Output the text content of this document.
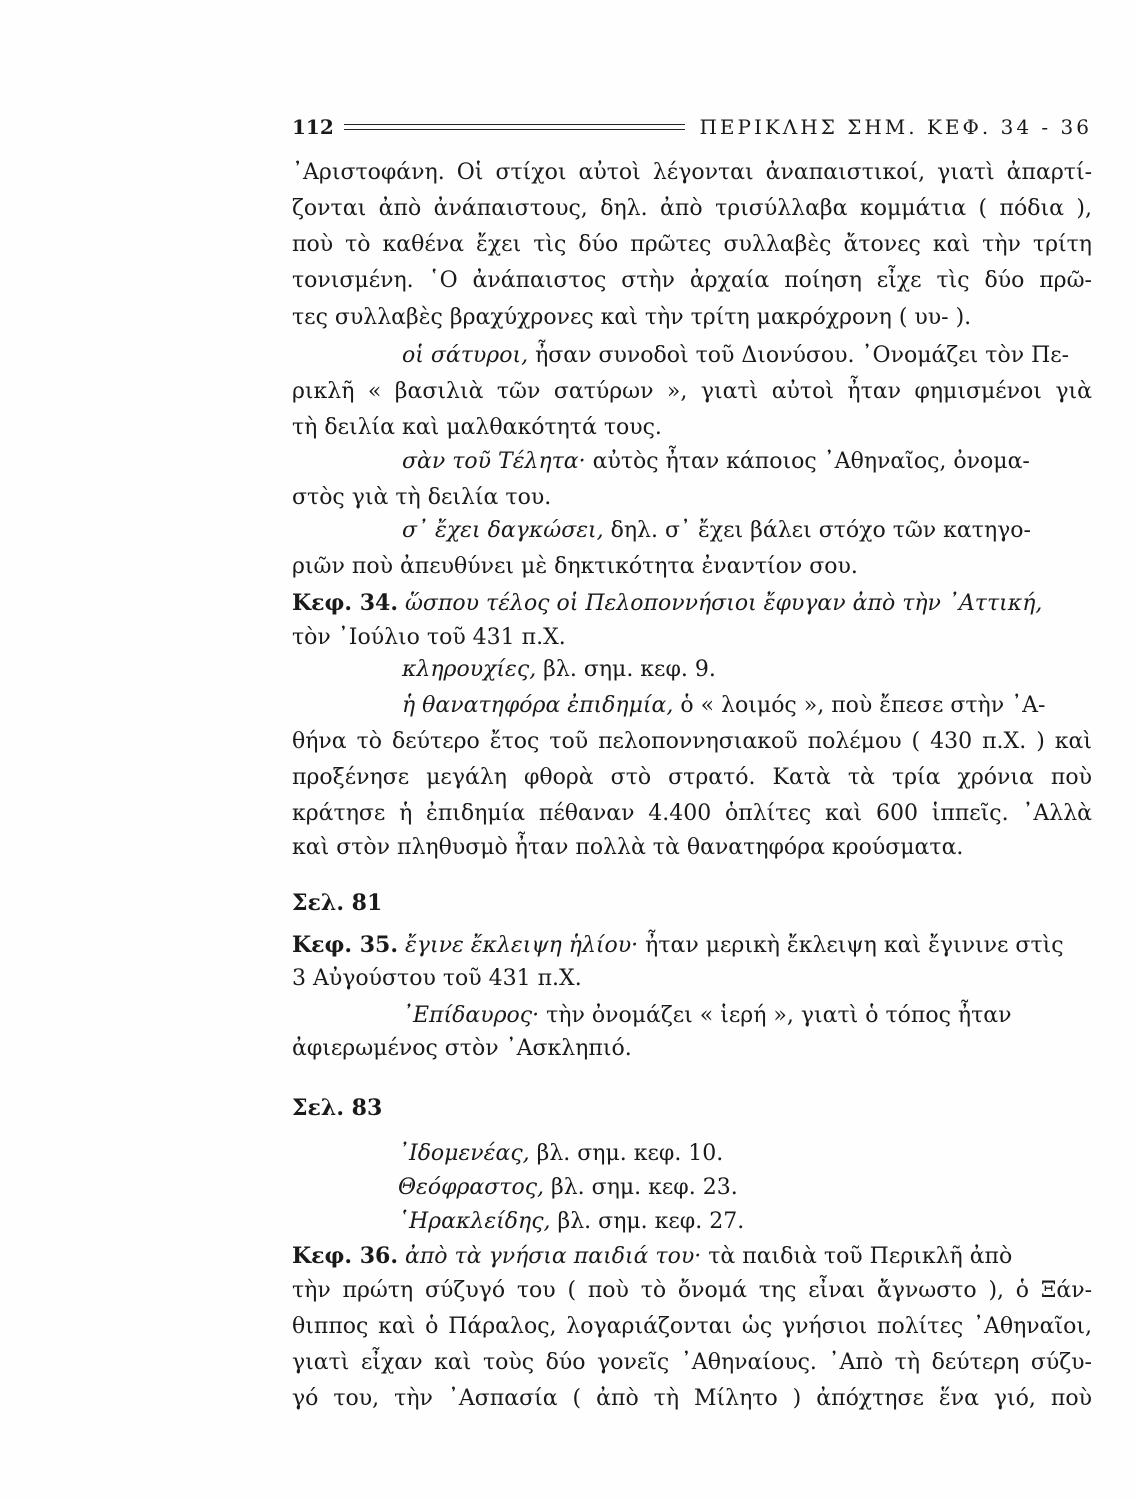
112	ΠΕΡΙΚΛΗΣ ΣΗΜ. ΚΕΦ. 34 - 36
᾿Αριστοφάνη. Οἱ στίχοι αὐτοὶ λέγονται ἀναπαιστικοί, γιατὶ ἀπαρτί-
ζονται ἀπὸ ἀνάπαιστους, δηλ. ἀπὸ τρισύλλαβα κομμάτια ( πόδια ),
ποὺ τὸ καθένα ἔχει τὶς δύο πρῶτες συλλαβὲς ἄτονες καὶ τὴν τρίτη
τονισμένη. ῾Ο ἀνάπαιστος στὴν ἀρχαία ποίηση εἶχε τὶς δύο πρῶ-
τες συλλαβὲς βραχύχρονες καὶ τὴν τρίτη μακρόχρονη ( υυ- ).
οἱ σάτυροι, ἦσαν συνοδοὶ τοῦ Διονύσου. ᾿Ονομάζει τὸν Πε-
ρικλῆ « βασιλιὰ τῶν σατύρων », γιατὶ αὐτοὶ ἦταν φημισμένοι γιὰ
τὴ δειλία καὶ μαλθακότητά τους.
σὰν τοῦ Τέλητα· αὐτὸς ἦταν κάποιος ᾿Αθηναῖος, ὀνομα-
στὸς γιὰ τὴ δειλία του.
σ᾿ ἔχει δαγκώσει, δηλ. σ᾿ ἔχει βάλει στόχο τῶν κατηγο-
ριῶν ποὺ ἀπευθύνει μὲ δηκτικότητα ἐναντίον σου.
Κεφ. 34. ὥσπου τέλος οἱ Πελοποννήσιοι ἔφυγαν ἀπὸ τὴν ᾿Αττική,
τὸν ᾿Ιούλιο τοῦ 431 π.Χ.
κληρουχίες, βλ. σημ. κεφ. 9.
ἡ θανατηφόρα ἐπιδημία, ὁ « λοιμός », ποὺ ἔπεσε στὴν ᾿Α-
θήνα τὸ δεύτερο ἔτος τοῦ πελοποννησιακοῦ πολέμου ( 430 π.Χ. ) καὶ
προξένησε μεγάλη φθορὰ στὸ στρατό. Κατὰ τὰ τρία χρόνια ποὺ
κράτησε ἡ ἐπιδημία πέθαναν 4.400 ὁπλίτες καὶ 600 ἱππεῖς. ᾿Αλλὰ
καὶ στὸν πληθυσμὸ ἦταν πολλὰ τὰ θανατηφόρα κρούσματα.
Σελ. 81
Κεφ. 35. ἔγινε ἔκλειψη ἡλίου· ἦταν μερικὴ ἔκλειψη καὶ ἔγινινε στὶς
3 Αὐγούστου τοῦ 431 π.Χ.
᾿Επίδαυρος· τὴν ὀνομάζει « ἱερή », γιατὶ ὁ τόπος ἦταν
ἀφιερωμένος στὸν ᾿Ασκληπιό.
Σελ. 83
᾿Ιδομενέας, βλ. σημ. κεφ. 10.
Θεόφραστος, βλ. σημ. κεφ. 23.
῾Ηρακλείδης, βλ. σημ. κεφ. 27.
Κεφ. 36. ἀπὸ τὰ γνήσια παιδιά του· τὰ παιδιὰ τοῦ Περικλῆ ἀπὸ
τὴν πρώτη σύζυγό του ( ποὺ τὸ ὄνομά της εἶναι ἄγνωστο ), ὁ Ξάν-
θιππος καὶ ὁ Πάραλος, λογαριάζονται ὡς γνήσιοι πολίτες ᾿Αθηναῖοι,
γιατὶ εἶχαν καὶ τοὺς δύο γονεῖς ᾿Αθηναίους. ᾿Απὸ τὴ δεύτερη σύζυ-
γό του, τὴν ᾿Ασπασία ( ἀπὸ τὴ Μίλητο ) ἀπόχτησε ἕνα γιό, ποὺ
